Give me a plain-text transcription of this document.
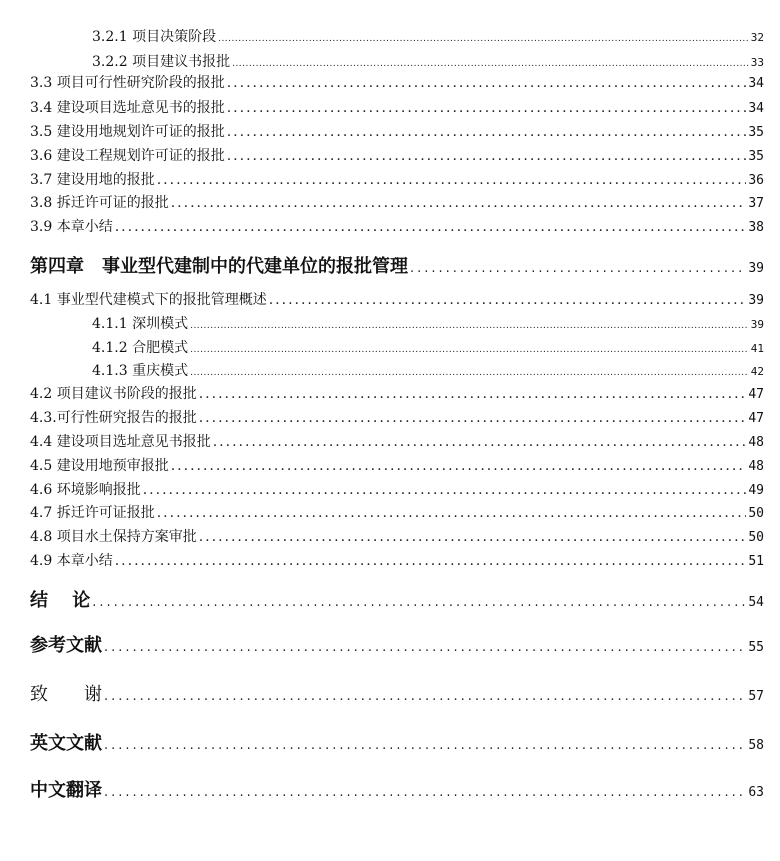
3.2.1 项目决策阶段 .....	32
3.2.2 项目建议书报批 .....	33
3.3 项目可行性研究阶段的报批 .....	34
3.4 建设项目选址意见书的报批 .....	34
3.5 建设用地规划许可证的报批 .....	35
3.6 建设工程规划许可证的报批 .....	35
3.7 建设用地的报批 .....	36
3.8 拆迁许可证的报批 .....	37
3.9 本章小结 .....	38
第四章　事业型代建制中的代建单位的报批管理 .....	39
4.1 事业型代建模式下的报批管理概述 .....	39
4.1.1 深圳模式 .....	39
4.1.2 合肥模式 .....	41
4.1.3 重庆模式 .....	42
4.2 项目建议书阶段的报批 .....	47
4.3.可行性研究报告的报批 .....	47
4.4 建设项目选址意见书报批 .....	48
4.5 建设用地预审报批 .....	48
4.6 环境影响报批 .....	49
4.7 拆迁许可证报批 .....	50
4.8 项目水土保持方案审批 .....	50
4.9 本章小结 .....	51
结　 论 .....	54
参考文献 .....	55
致　　谢 .....	57
英文文献 .....	58
中文翻译 .....	63
